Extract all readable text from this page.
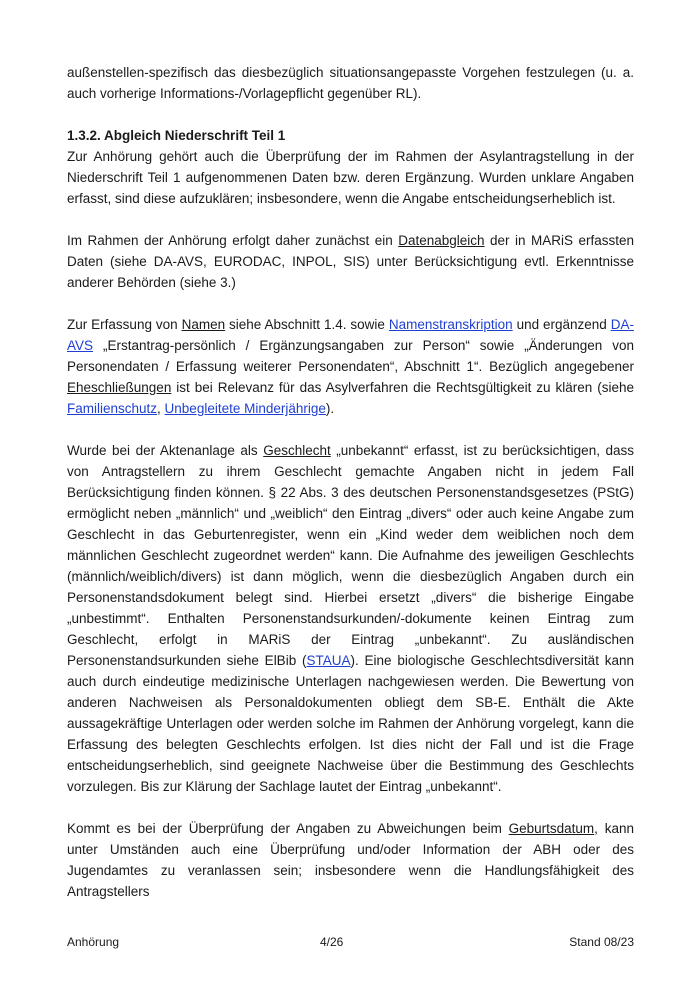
außenstellen-spezifisch das diesbezüglich situationsangepasste Vorgehen festzulegen (u. a. auch vorherige Informations-/Vorlagepflicht gegenüber RL).

1.3.2. Abgleich Niederschrift Teil 1

Zur Anhörung gehört auch die Überprüfung der im Rahmen der Asylantragstellung in der Niederschrift Teil 1 aufgenommenen Daten bzw. deren Ergänzung. Wurden unklare Angaben erfasst, sind diese aufzuklären; insbesondere, wenn die Angabe entscheidungserheblich ist.

Im Rahmen der Anhörung erfolgt daher zunächst ein Datenabgleich der in MARiS erfassten Daten (siehe DA-AVS, EURODAC, INPOL, SIS) unter Berücksichtigung evtl. Erkenntnisse anderer Behörden (siehe 3.)

Zur Erfassung von Namen siehe Abschnitt 1.4. sowie Namenstranskription und ergänzend DA-AVS „Erstantrag-persönlich / Ergänzungsangaben zur Person“ sowie „Änderungen von Personendaten / Erfassung weiterer Personendaten“, Abschnitt 1“. Bezüglich angegebener Eheschließungen ist bei Relevanz für das Asylverfahren die Rechtsgültigkeit zu klären (siehe Familienschutz, Unbegleitete Minderjährige).

Wurde bei der Aktenanlage als Geschlecht „unbekannt“ erfasst, ist zu berücksichtigen, dass von Antragstellern zu ihrem Geschlecht gemachte Angaben nicht in jedem Fall Berücksichtigung finden können. § 22 Abs. 3 des deutschen Personenstandsgesetzes (PStG) ermöglicht neben „männlich“ und „weiblich“ den Eintrag „divers“ oder auch keine Angabe zum Geschlecht in das Geburtenregister, wenn ein „Kind weder dem weiblichen noch dem männlichen Geschlecht zugeordnet werden“ kann. Die Aufnahme des jeweiligen Geschlechts (männlich/weiblich/divers) ist dann möglich, wenn die diesbezüglich Angaben durch ein Personenstandsdokument belegt sind. Hierbei ersetzt „divers“ die bisherige Eingabe „unbestimmt“. Enthalten Personenstandsurkunden/-dokumente keinen Eintrag zum Geschlecht, erfolgt in MARiS der Eintrag „unbekannt“. Zu ausländischen Personenstandsurkunden siehe ElBib (STAUA). Eine biologische Geschlechtsdiversität kann auch durch eindeutige medizinische Unterlagen nachgewiesen werden. Die Bewertung von anderen Nachweisen als Personaldokumenten obliegt dem SB-E. Enthält die Akte aussagekräftige Unterlagen oder werden solche im Rahmen der Anhörung vorgelegt, kann die Erfassung des belegten Geschlechts erfolgen. Ist dies nicht der Fall und ist die Frage entscheidungserheblich, sind geeignete Nachweise über die Bestimmung des Geschlechts vorzulegen. Bis zur Klärung der Sachlage lautet der Eintrag „unbekannt“.

Kommt es bei der Überprüfung der Angaben zu Abweichungen beim Geburtsdatum, kann unter Umständen auch eine Überprüfung und/oder Information der ABH oder des Jugendamtes zu veranlassen sein; insbesondere wenn die Handlungsfähigkeit des Antragstellers

Anhörung	4/26	Stand 08/23
